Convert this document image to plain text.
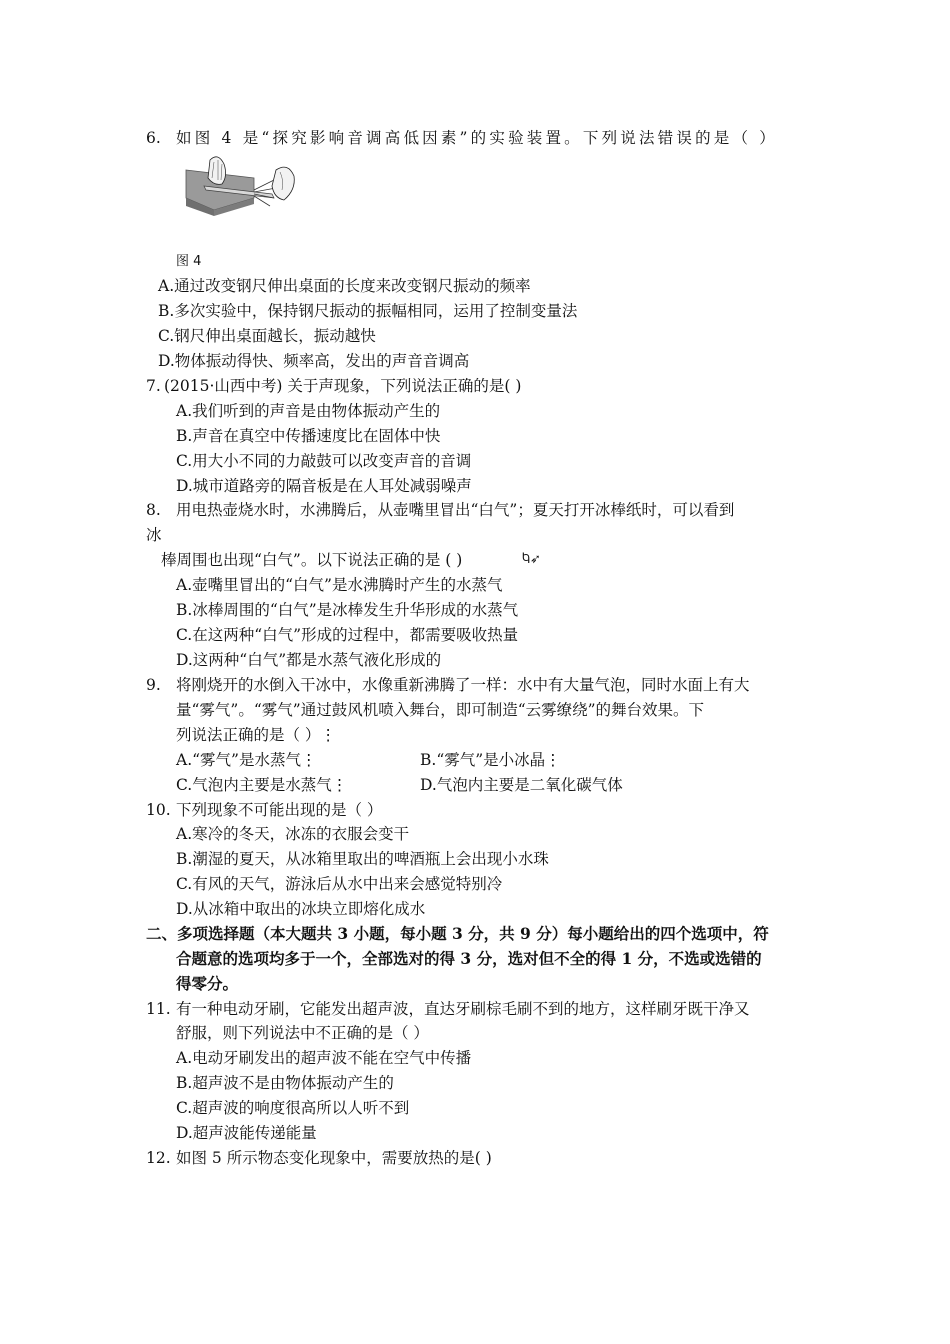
6. 如图 4 是“探究影响音调高低因素”的实验装置。下列说法错误的是（ ）
图 4
A.通过改变钢尺伸出桌面的长度来改变钢尺振动的频率
B.多次实验中，保持钢尺振动的振幅相同，运用了控制变量法
C.钢尺伸出桌面越长，振动越快
D.物体振动得快、频率高，发出的声音音调高
7. (2015·山西中考) 关于声现象，下列说法正确的是( )
A.我们听到的声音是由物体振动产生的
B.声音在真空中传播速度比在固体中快
C.用大小不同的力敲鼓可以改变声音的音调
D.城市道路旁的隔音板是在人耳处减弱噪声
8. 用电热壶烧水时，水沸腾后，从壶嘴里冒出“白气”；夏天打开冰棒纸时，可以看到
冰
棒周围也出现“白气”。以下说法正确的是 ( )	Ⴉ➶
A.壶嘴里冒出的“白气”是水沸腾时产生的水蒸气
B.冰棒周围的“白气”是冰棒发生升华形成的水蒸气
C.在这两种“白气”形成的过程中，都需要吸收热量
D.这两种“白气”都是水蒸气液化形成的
9. 将刚烧开的水倒入干冰中，水像重新沸腾了一样：水中有大量气泡，同时水面上有大
量“雾气”。“雾气”通过鼓风机喷入舞台，即可制造“云雾缭绕”的舞台效果。下
列说法正确的是（ ）⋮
A.“雾气”是水蒸气⋮	B.“雾气”是小冰晶⋮
C.气泡内主要是水蒸气⋮	D.气泡内主要是二氧化碳气体
10. 下列现象不可能出现的是（ ）
A.寒冷的冬天，冰冻的衣服会变干
B.潮湿的夏天，从冰箱里取出的啤酒瓶上会出现小水珠
C.有风的天气，游泳后从水中出来会感觉特别冷
D.从冰箱中取出的冰块立即熔化成水
二、多项选择题（本大题共 3 小题，每小题 3 分，共 9 分）每小题给出的四个选项中，符
合题意的选项均多于一个，全部选对的得 3 分，选对但不全的得 1 分，不选或选错的
得零分。
11. 有一种电动牙刷，它能发出超声波，直达牙刷棕毛刷不到的地方，这样刷牙既干净又
舒服，则下列说法中不正确的是（ ）
A.电动牙刷发出的超声波不能在空气中传播
B.超声波不是由物体振动产生的
C.超声波的响度很高所以人听不到
D.超声波能传递能量
12. 如图 5 所示物态变化现象中，需要放热的是( )
